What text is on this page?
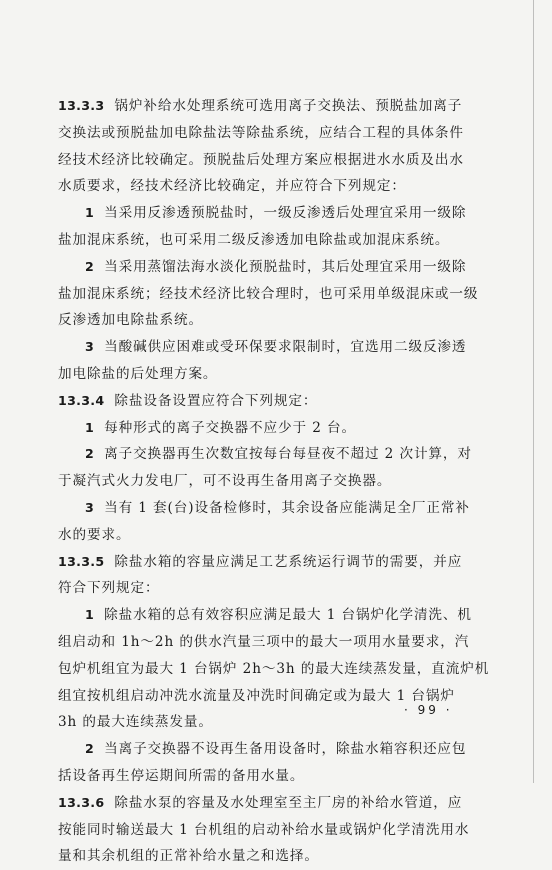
13.3.3 锅炉补给水处理系统可选用离子交换法、预脱盐加离子
交换法或预脱盐加电除盐法等除盐系统，应结合工程的具体条件
经技术经济比较确定。预脱盐后处理方案应根据进水水质及出水
水质要求，经技术经济比较确定，并应符合下列规定：
1 当采用反渗透预脱盐时，一级反渗透后处理宜采用一级除
盐加混床系统，也可采用二级反渗透加电除盐或加混床系统。
2 当采用蒸馏法海水淡化预脱盐时，其后处理宜采用一级除
盐加混床系统；经技术经济比较合理时，也可采用单级混床或一级
反渗透加电除盐系统。
3 当酸碱供应困难或受环保要求限制时，宜选用二级反渗透
加电除盐的后处理方案。
13.3.4 除盐设备设置应符合下列规定：
1 每种形式的离子交换器不应少于 2 台。
2 离子交换器再生次数宜按每台每昼夜不超过 2 次计算，对
于凝汽式火力发电厂，可不设再生备用离子交换器。
3 当有 1 套(台)设备检修时，其余设备应能满足全厂正常补
水的要求。
13.3.5 除盐水箱的容量应满足工艺系统运行调节的需要，并应
符合下列规定：
1 除盐水箱的总有效容积应满足最大 1 台锅炉化学清洗、机
组启动和 1h～2h 的供水汽量三项中的最大一项用水量要求，汽
包炉机组宜为最大 1 台锅炉 2h～3h 的最大连续蒸发量，直流炉机
组宜按机组启动冲洗水流量及冲洗时间确定或为最大 1 台锅炉
3h 的最大连续蒸发量。
2 当离子交换器不设再生备用设备时，除盐水箱容积还应包
括设备再生停运期间所需的备用水量。
13.3.6 除盐水泵的容量及水处理室至主厂房的补给水管道，应
按能同时输送最大 1 台机组的启动补给水量或锅炉化学清洗用水
量和其余机组的正常补给水量之和选择。
· 99 ·
